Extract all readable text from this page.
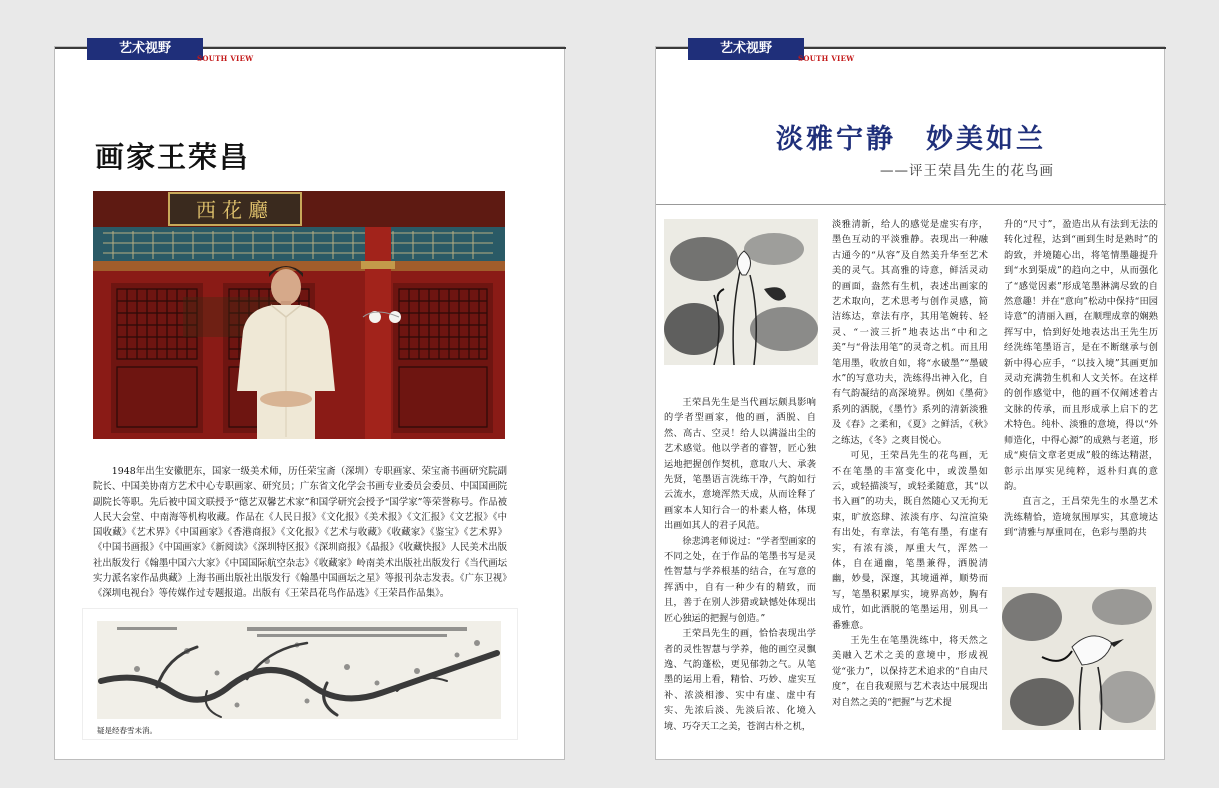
艺术视野
SOUTH VIEW
画家王荣昌
西花廳

1948年出生安徽肥东，国家一级美术师，历任荣宝斋（深圳）专职画家、荣宝斋书画研究院副院长、中国美协南方艺术中心专职画家、研究员；广东省文化学会书画专业委员会委员、中国国画院副院长等职。先后被中国文联授予“德艺双馨艺术家”和国学研究会授予“国学家”等荣誉称号。作品被人民大会堂、中南海等机构收藏。作品在《人民日报》《文化报》《美术报》《文汇报》《文艺报》《中国收藏》《艺术界》《中国画家》《香港商报》《文化报》《艺术与收藏》《收藏家》《鉴宝》《艺术界》《中国书画报》《中国画家》《新阅读》《深圳特区报》《深圳商报》《晶报》《收藏快报》人民美术出版社出版发行《翰墨中国六大家》《中国国际航空杂志》《收藏家》岭南美术出版社出版发行《当代画坛实力派名家作品典藏》上海书画出版社出版发行《翰墨中国画坛之星》等报刊杂志发表。《广东卫视》《深圳电视台》等传媒作过专题报道。出版有《王荣昌花鸟作品选》《王荣昌作品集》。

疑是经春雪未消。
艺术视野
SOUTH VIEW
淡雅宁静　妙美如兰
——评王荣昌先生的花鸟画

王荣昌先生是当代画坛颇具影响的学者型画家，他的画，洒脱、自然、高古、空灵！给人以满溢出尘的艺术感觉。他以学者的睿智，匠心独运地把握创作契机，意取八大、承袭先贤，笔墨语言洗练干净，气韵如行云流水，意境浑然天成，从而诠释了画家本人知行合一的朴素人格，体现出画如其人的君子风范。

徐悲鸿老师说过：“学者型画家的不同之处，在于作品的笔墨书写是灵性智慧与学养根基的结合，在写意的挥洒中，自有一种少有的精致，而且，善于在别人涉猎或缺憾处体现出匠心独运的把握与创造。”

王荣昌先生的画，恰恰表现出学者的灵性智慧与学养，他的画空灵飘逸、气韵蓬松，更见郁勃之气。从笔墨的运用上看，精恰、巧妙、虚实互补、浓淡相渗、实中有虚、虚中有实、先浓后淡、先淡后浓、化境入境、巧夺天工之美，苍润古朴之机，

淡雅清新，给人的感觉是虚实有序，墨色互动的平淡雅静。表现出一种融古通今的“从容”及自然美升华至艺术美的灵气。其高雅的诗意，鲜活灵动的画面，盎然有生机，表述出画家的艺术取向，艺术思考与创作灵感，简洁练达，章法有序，其用笔婉转、轻灵、“一波三折”地表达出“中和之美”与“骨法用笔”的灵奇之机。而且用笔用墨，收放自如，将“水破墨”“墨破水”的写意功夫，洗练得出神入化，自有气韵凝结的高深境界。例如《墨荷》系列的洒脱，《墨竹》系列的清新淡雅及《春》之柔和，《夏》之鲜活，《秋》之练达，《冬》之爽目悦心。

可见，王荣昌先生的花鸟画，无不在笔墨的丰富变化中，或泼墨如云，或轻描淡写，或轻柔随意，其“以书入画”的功夫，既自然随心又无拘无束，旷放恣肆、浓淡有序、勾渲渲染有出处，有章法，有笔有墨，有虚有实，有浓有淡，厚重大气，浑然一体，自在通幽，笔墨兼得，洒脱清幽，妙曼，深邃，其境通禅，顺势而写，笔墨积累厚实，境界高妙，胸有成竹，如此洒脱的笔墨运用，别具一番雅意。

王先生在笔墨洗练中，将天然之美融入艺术之美的意境中，形成视觉“张力”，以保持艺术追求的“自由尺度”，在自我观照与艺术表达中展现出对自然之美的“把握”与艺术提

升的“尺寸”，盈造出从有法到无法的转化过程，达到“画到生时是熟时”的韵致，并境随心出，将笔情墨趣提升到“水到渠成”的趋向之中，从而强化了“感觉因素”形成笔墨淋漓尽致的自然意趣！并在“意向”松动中保持“田园诗意”的清丽入画，在顺理成章的娴熟挥写中，恰到好处地表达出王先生历经洗练笔墨语言，是在不断继承与创新中得心应手，“以技入境”其画更加灵动充满勃生机和人文关怀。在这样的创作感觉中，他的画不仅阐述着古文脉的传承，而且形成承上启下的艺术特色。纯朴、淡雅的意境，得以“外师造化，中得心源”的成熟与老道，形成“庾信文章老更成”般的练达精湛，彰示出厚实见纯粹，返朴归真的意韵。

直言之，王昌荣先生的水墨艺术洗练精恰，造境氛围厚实，其意境达到“清雅与厚重同在，色彩与墨韵共
